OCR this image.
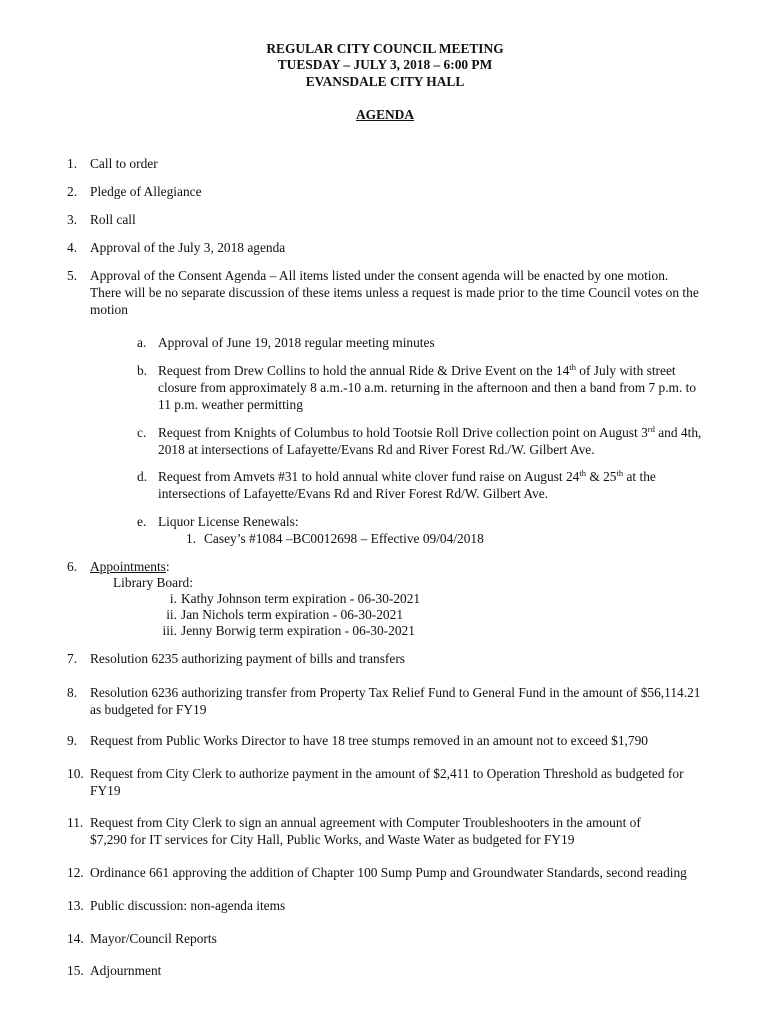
REGULAR CITY COUNCIL MEETING
TUESDAY – JULY 3, 2018 – 6:00 PM
EVANSDALE CITY HALL
AGENDA
1. Call to order
2. Pledge of Allegiance
3. Roll call
4. Approval of the July 3, 2018 agenda
5. Approval of the Consent Agenda – All items listed under the consent agenda will be enacted by one motion.
There will be no separate discussion of these items unless a request is made prior to the time Council votes on the
motion
a. Approval of June 19, 2018 regular meeting minutes
b. Request from Drew Collins to hold the annual Ride & Drive Event on the 14th of July with street
closure from approximately 8 a.m.-10 a.m. returning in the afternoon and then a band from 7 p.m. to
11 p.m. weather permitting
c. Request from Knights of Columbus to hold Tootsie Roll Drive collection point on August 3rd and 4th,
2018 at intersections of Lafayette/Evans Rd and River Forest Rd./W. Gilbert Ave.
d. Request from Amvets #31 to hold annual white clover fund raise on August 24th & 25th at the
intersections of Lafayette/Evans Rd and River Forest Rd/W. Gilbert Ave.
e. Liquor License Renewals:
1. Casey’s #1084 –BC0012698 – Effective 09/04/2018
6. Appointments:
Library Board:
i. Kathy Johnson term expiration - 06-30-2021
ii. Jan Nichols term expiration - 06-30-2021
iii. Jenny Borwig term expiration - 06-30-2021
7. Resolution 6235 authorizing payment of bills and transfers
8. Resolution 6236 authorizing transfer from Property Tax Relief Fund to General Fund in the amount of $56,114.21
as budgeted for FY19
9. Request from Public Works Director to have 18 tree stumps removed in an amount not to exceed $1,790
10. Request from City Clerk to authorize payment in the amount of $2,411 to Operation Threshold as budgeted for
FY19
11. Request from City Clerk to sign an annual agreement with Computer Troubleshooters in the amount of
$7,290 for IT services for City Hall, Public Works, and Waste Water as budgeted for FY19
12. Ordinance 661 approving the addition of Chapter 100 Sump Pump and Groundwater Standards, second reading
13. Public discussion: non-agenda items
14. Mayor/Council Reports
15. Adjournment
